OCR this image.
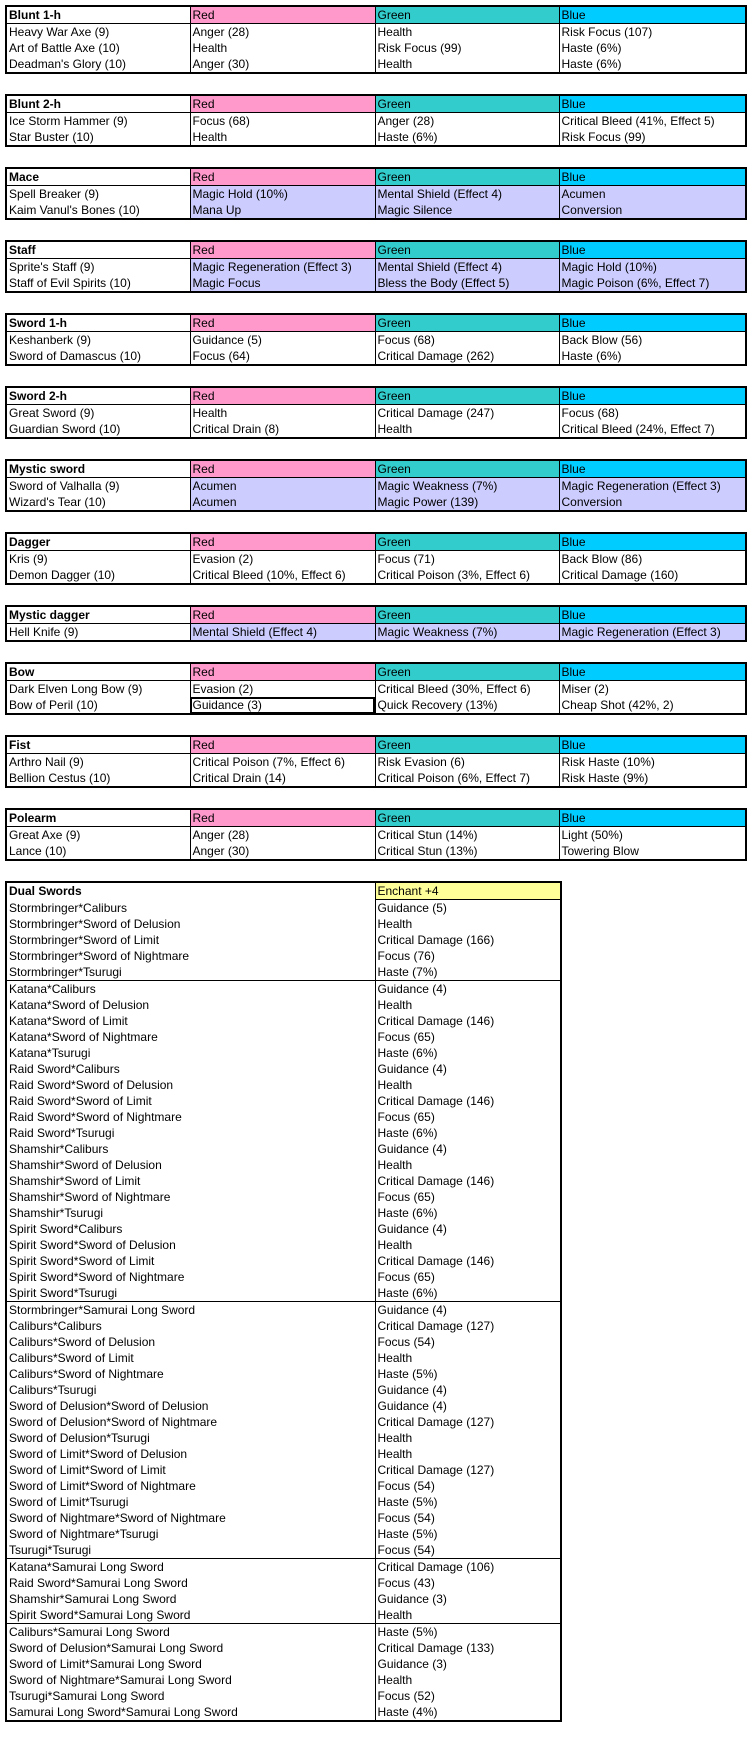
Blunt 1-h	Red	Green	Blue
Heavy War Axe (9)	Anger (28)	Health	Risk Focus (107)
Art of Battle Axe (10)	Health	Risk Focus (99)	Haste (6%)
Deadman's Glory (10)	Anger (30)	Health	Haste (6%)
Blunt 2-h	Red	Green	Blue
Ice Storm Hammer (9)	Focus (68)	Anger (28)	Critical Bleed (41%, Effect 5)
Star Buster (10)	Health	Haste (6%)	Risk Focus (99)
Mace	Red	Green	Blue
Spell Breaker (9)	Magic Hold (10%)	Mental Shield (Effect 4)	Acumen
Kaim Vanul's Bones (10)	Mana Up	Magic Silence	Conversion
Staff	Red	Green	Blue
Sprite's Staff (9)	Magic Regeneration (Effect 3)	Mental Shield (Effect 4)	Magic Hold (10%)
Staff of Evil Spirits (10)	Magic Focus	Bless the Body (Effect 5)	Magic Poison (6%, Effect 7)
Sword 1-h	Red	Green	Blue
Keshanberk (9)	Guidance (5)	Focus (68)	Back Blow (56)
Sword of Damascus (10)	Focus (64)	Critical Damage (262)	Haste (6%)
Sword 2-h	Red	Green	Blue
Great Sword (9)	Health	Critical Damage (247)	Focus (68)
Guardian Sword (10)	Critical Drain (8)	Health	Critical Bleed (24%, Effect 7)
Mystic sword	Red	Green	Blue
Sword of Valhalla (9)	Acumen	Magic Weakness (7%)	Magic Regeneration (Effect 3)
Wizard's Tear (10)	Acumen	Magic Power (139)	Conversion
Dagger	Red	Green	Blue
Kris (9)	Evasion (2)	Focus (71)	Back Blow (86)
Demon Dagger (10)	Critical Bleed (10%, Effect 6)	Critical Poison (3%, Effect 6)	Critical Damage (160)
Mystic dagger	Red	Green	Blue
Hell Knife (9)	Mental Shield (Effect 4)	Magic Weakness (7%)	Magic Regeneration (Effect 3)
Bow	Red	Green	Blue
Dark Elven Long Bow (9)	Evasion (2)	Critical Bleed (30%, Effect 6)	Miser (2)
Bow of Peril (10)	Guidance (3)	Quick Recovery (13%)	Cheap Shot (42%, 2)
Fist	Red	Green	Blue
Arthro Nail (9)	Critical Poison (7%, Effect 6)	Risk Evasion (6)	Risk Haste (10%)
Bellion Cestus (10)	Critical Drain (14)	Critical Poison (6%, Effect 7)	Risk Haste (9%)
Polearm	Red	Green	Blue
Great Axe (9)	Anger (28)	Critical Stun (14%)	Light (50%)
Lance (10)	Anger (30)	Critical Stun (13%)	Towering Blow
Dual Swords		Enchant +4
Stormbringer*Caliburs		Guidance (5)
Stormbringer*Sword of Delusion		Health
Stormbringer*Sword of Limit		Critical Damage (166)
Stormbringer*Sword of Nightmare		Focus (76)
Stormbringer*Tsurugi		Haste (7%)
Katana*Caliburs		Guidance (4)
Katana*Sword of Delusion		Health
Katana*Sword of Limit		Critical Damage (146)
Katana*Sword of Nightmare		Focus (65)
Katana*Tsurugi		Haste (6%)
Raid Sword*Caliburs		Guidance (4)
Raid Sword*Sword of Delusion		Health
Raid Sword*Sword of Limit		Critical Damage (146)
Raid Sword*Sword of Nightmare		Focus (65)
Raid Sword*Tsurugi		Haste (6%)
Shamshir*Caliburs		Guidance (4)
Shamshir*Sword of Delusion		Health
Shamshir*Sword of Limit		Critical Damage (146)
Shamshir*Sword of Nightmare		Focus (65)
Shamshir*Tsurugi		Haste (6%)
Spirit Sword*Caliburs		Guidance (4)
Spirit Sword*Sword of Delusion		Health
Spirit Sword*Sword of Limit		Critical Damage (146)
Spirit Sword*Sword of Nightmare		Focus (65)
Spirit Sword*Tsurugi		Haste (6%)
Stormbringer*Samurai Long Sword		Guidance (4)
Caliburs*Caliburs		Critical Damage (127)
Caliburs*Sword of Delusion		Focus (54)
Caliburs*Sword of Limit		Health
Caliburs*Sword of Nightmare		Haste (5%)
Caliburs*Tsurugi		Guidance (4)
Sword of Delusion*Sword of Delusion		Guidance (4)
Sword of Delusion*Sword of Nightmare		Critical Damage (127)
Sword of Delusion*Tsurugi		Health
Sword of Limit*Sword of Delusion		Health
Sword of Limit*Sword of Limit		Critical Damage (127)
Sword of Limit*Sword of Nightmare		Focus (54)
Sword of Limit*Tsurugi		Haste (5%)
Sword of Nightmare*Sword of Nightmare		Focus (54)
Sword of Nightmare*Tsurugi		Haste (5%)
Tsurugi*Tsurugi		Focus (54)
Katana*Samurai Long Sword		Critical Damage (106)
Raid Sword*Samurai Long Sword		Focus (43)
Shamshir*Samurai Long Sword		Guidance (3)
Spirit Sword*Samurai Long Sword		Health
Caliburs*Samurai Long Sword		Haste (5%)
Sword of Delusion*Samurai Long Sword		Critical Damage (133)
Sword of Limit*Samurai Long Sword		Guidance (3)
Sword of Nightmare*Samurai Long Sword		Health
Tsurugi*Samurai Long Sword		Focus (52)
Samurai Long Sword*Samurai Long Sword		Haste (4%)
